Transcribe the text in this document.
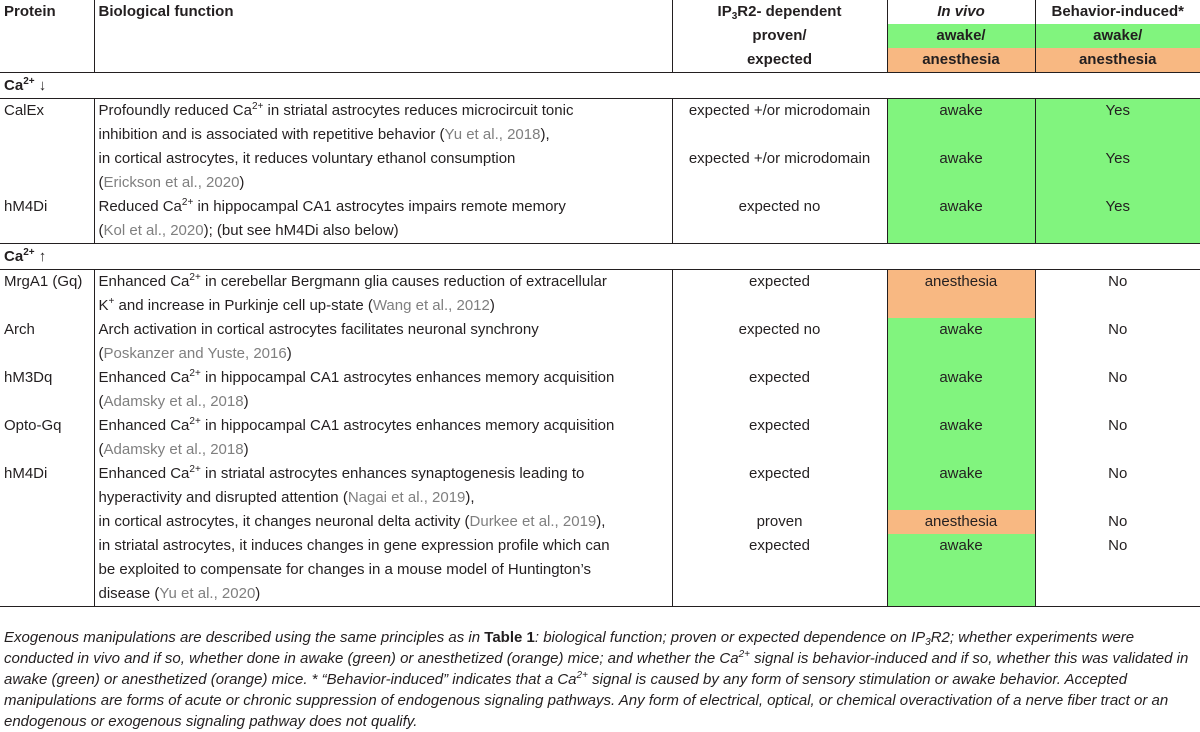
Protein	Biological function	$IP_3R2-$ dependent	In vivo	Behavior-induced*
		proven/	awake/	awake/
		expected	anesthesia	anesthesia
$Ca^{2+}$ ↓				
CalEx	Profoundly reduced $Ca^{2+}$ in striatal astrocytes reduces microcircuit tonic	expected +/or microdomain	awake	Yes
	inhibition and is associated with repetitive behavior (Yu et al., 2018),			
	in cortical astrocytes, it reduces voluntary ethanol consumption	expected +/or microdomain	awake	Yes
	(Erickson et al., 2020)			
hM4Di	Reduced $Ca^{2+}$ in hippocampal CA1 astrocytes impairs remote memory	expected no	awake	Yes
	(Kol et al., 2020); (but see hM4Di also below)			
$Ca^{2+}$ ↑				
MrgA1 (Gq)	Enhanced $Ca^{2+}$ in cerebellar Bergmann glia causes reduction of extracellular	expected	anesthesia	No
	K+ and increase in Purkinje cell up-state (Wang et al., 2012)			
Arch	Arch activation in cortical astrocytes facilitates neuronal synchrony	expected no	awake	No
	(Poskanzer and Yuste, 2016)			
hM3Dq	Enhanced $Ca^{2+}$ in hippocampal CA1 astrocytes enhances memory acquisition	expected	awake	No
	(Adamsky et al., 2018)			
Opto-Gq	Enhanced $Ca^{2+}$ in hippocampal CA1 astrocytes enhances memory acquisition	expected	awake	No
	(Adamsky et al., 2018)			
hM4Di	Enhanced $Ca^{2+}$ in striatal astrocytes enhances synaptogenesis leading to	expected	awake	No
	hyperactivity and disrupted attention (Nagai et al., 2019),			
	in cortical astrocytes, it changes neuronal delta activity (Durkee et al., 2019),	proven	anesthesia	No
	in striatal astrocytes, it induces changes in gene expression profile which can	expected	awake	No
	be exploited to compensate for changes in a mouse model of Huntington’s			
	disease (Yu et al., 2020)			
Exogenous manipulations are described using the same principles as in Table 1: biological function; proven or expected dependence on $IP_3R2$; whether experiments were conducted in vivo and if so, whether done in awake (green) or anesthetized (orange) mice; and whether the $Ca^{2+}$ signal is behavior-induced and if so, whether this was validated in awake (green) or anesthetized (orange) mice. * “Behavior-induced” indicates that a $Ca^{2+}$ signal is caused by any form of sensory stimulation or awake behavior. Accepted manipulations are forms of acute or chronic suppression of endogenous signaling pathways. Any form of electrical, optical, or chemical overactivation of a nerve fiber tract or an endogenous or exogenous signaling pathway does not qualify.
